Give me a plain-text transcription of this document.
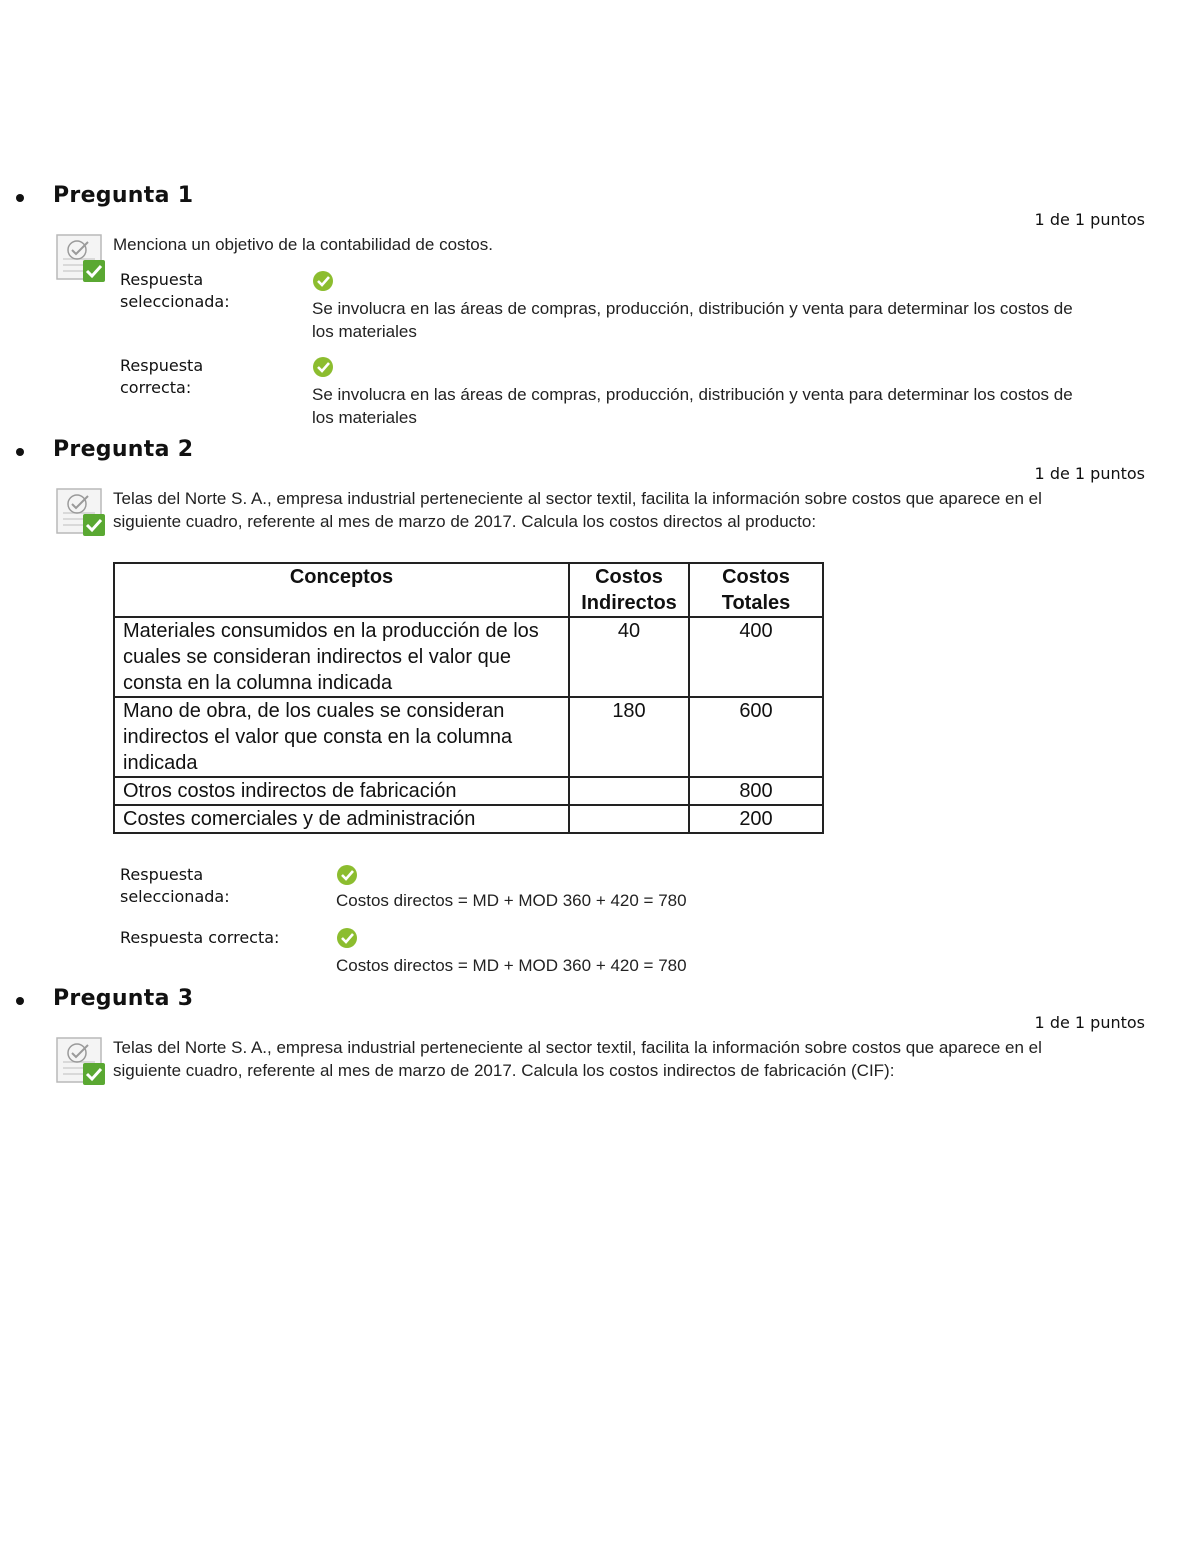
Pregunta 1
1 de 1 puntos
Menciona un objetivo de la contabilidad de costos.
Respuesta
seleccionada:	Se involucra en las áreas de compras, producción, distribución y venta para determinar los costos de los materiales
Respuesta
correcta:	Se involucra en las áreas de compras, producción, distribución y venta para determinar los costos de los materiales
Pregunta 2
1 de 1 puntos
Telas del Norte S. A., empresa industrial perteneciente al sector textil, facilita la información sobre costos que aparece en el siguiente cuadro, referente al mes de marzo de 2017. Calcula los costos directos al producto:
Conceptos	Costos Indirectos	Costos Totales
Materiales consumidos en la producción de los cuales se consideran indirectos el valor que consta en la columna indicada	40	400
Mano de obra, de los cuales se consideran indirectos el valor que consta en la columna indicada	180	600
Otros costos indirectos de fabricación		800
Costes comerciales y de administración		200
Respuesta
seleccionada:	Costos directos = MD + MOD 360 + 420 = 780
Respuesta correcta:
Costos directos = MD + MOD 360 + 420 = 780
Pregunta 3
1 de 1 puntos
Telas del Norte S. A., empresa industrial perteneciente al sector textil, facilita la información sobre costos que aparece en el siguiente cuadro, referente al mes de marzo de 2017. Calcula los costos indirectos de fabricación (CIF):
